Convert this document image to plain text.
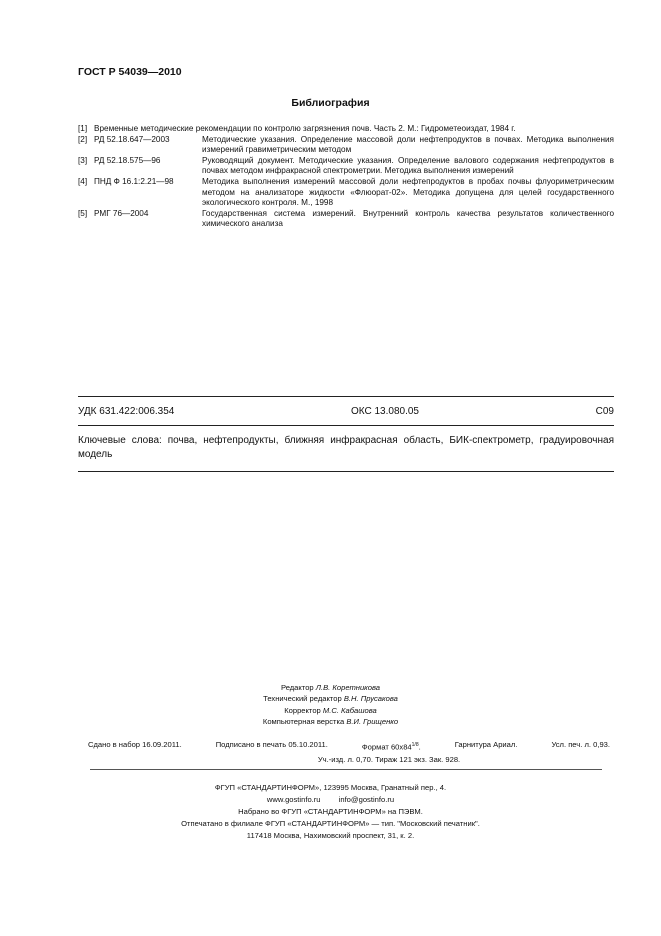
ГОСТ Р 54039—2010
Библиография
[1] Временные методические рекомендации по контролю загрязнения почв. Часть 2. М.: Гидрометеоиздат, 1984 г.
[2] РД 52.18.647—2003	Методические указания. Определение массовой доли нефтепродуктов в почвах. Методика выполнения измерений гравиметрическим методом
[3] РД 52.18.575—96	Руководящий документ. Методические указания. Определение валового содержания нефтепродуктов в почвах методом инфракрасной спектрометрии. Методика выполнения измерений
[4] ПНД Ф 16.1:2.21—98	Методика выполнения измерений массовой доли нефтепродуктов в пробах почвы флуориметрическим методом на анализаторе жидкости «Флюорат-02». Методика допущена для целей государственного экологического контроля. М., 1998
[5] РМГ 76—2004	Государственная система измерений. Внутренний контроль качества результатов количественного химического анализа
УДК 631.422:006.354	ОКС 13.080.05	С09
Ключевые слова: почва, нефтепродукты, ближняя инфракрасная область, БИК-спектрометр, градуировочная модель
Редактор Л.В. Коретникова
Технический редактор В.Н. Прусакова
Корректор М.С. Кабашова
Компьютерная верстка В.И. Грищенко
Сдано в набор 16.09.2011.	Подписано в печать 05.10.2011.	Формат $60x84^{1/8}$.	Гарнитура Ариал.	Усл. печ. л. 0,93.
Уч.-изд. л. 0,70. Тираж 121 экз. Зак. 928.
ФГУП «СТАНДАРТИНФОРМ», 123995 Москва, Гранатный пер., 4.
www.gostinfo.ru info@gostinfo.ru
Набрано во ФГУП «СТАНДАРТИНФОРМ» на ПЭВМ.
Отпечатано в филиале ФГУП «СТАНДАРТИНФОРМ» — тип. "Московский печатник".
117418 Москва, Нахимовский проспект, 31, к. 2.
